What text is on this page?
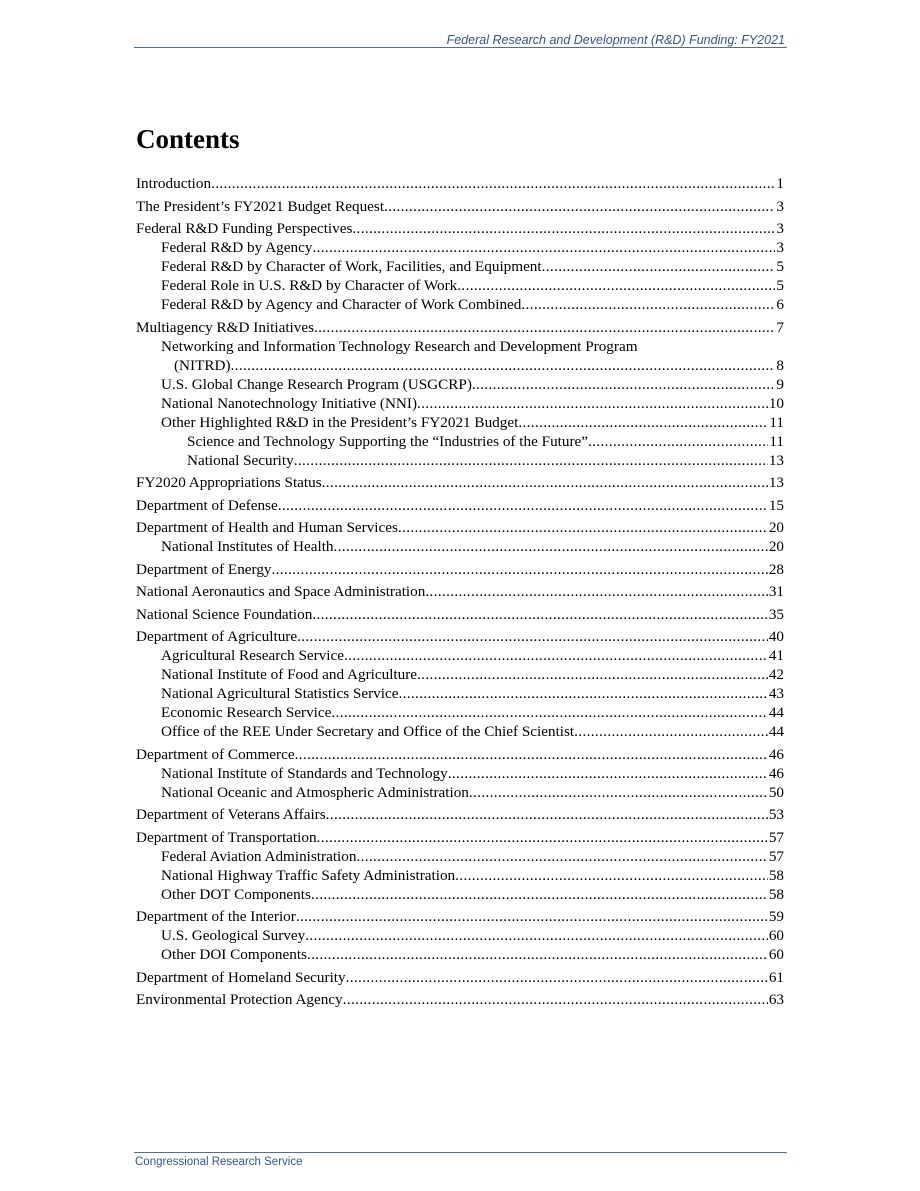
Federal Research and Development (R&D) Funding: FY2021
Contents
Introduction .....	1
The President’s FY2021 Budget Request .....	3
Federal R&D Funding Perspectives .....	3
Federal R&D by Agency .....	3
Federal R&D by Character of Work, Facilities, and Equipment .....	5
Federal Role in U.S. R&D by Character of Work .....	5
Federal R&D by Agency and Character of Work Combined .....	6
Multiagency R&D Initiatives .....	7
Networking and Information Technology Research and Development Program
(NITRD) .....	8
U.S. Global Change Research Program (USGCRP) .....	9
National Nanotechnology Initiative (NNI) .....	10
Other Highlighted R&D in the President’s FY2021 Budget .....	11
Science and Technology Supporting the “Industries of the Future” .....	11
National Security .....	13
FY2020 Appropriations Status .....	13
Department of Defense .....	15
Department of Health and Human Services .....	20
National Institutes of Health .....	20
Department of Energy .....	28
National Aeronautics and Space Administration .....	31
National Science Foundation .....	35
Department of Agriculture .....	40
Agricultural Research Service .....	41
National Institute of Food and Agriculture .....	42
National Agricultural Statistics Service .....	43
Economic Research Service .....	44
Office of the REE Under Secretary and Office of the Chief Scientist .....	44
Department of Commerce .....	46
National Institute of Standards and Technology .....	46
National Oceanic and Atmospheric Administration .....	50
Department of Veterans Affairs .....	53
Department of Transportation .....	57
Federal Aviation Administration .....	57
National Highway Traffic Safety Administration .....	58
Other DOT Components .....	58
Department of the Interior .....	59
U.S. Geological Survey .....	60
Other DOI Components .....	60
Department of Homeland Security .....	61
Environmental Protection Agency .....	63
Congressional Research Service
